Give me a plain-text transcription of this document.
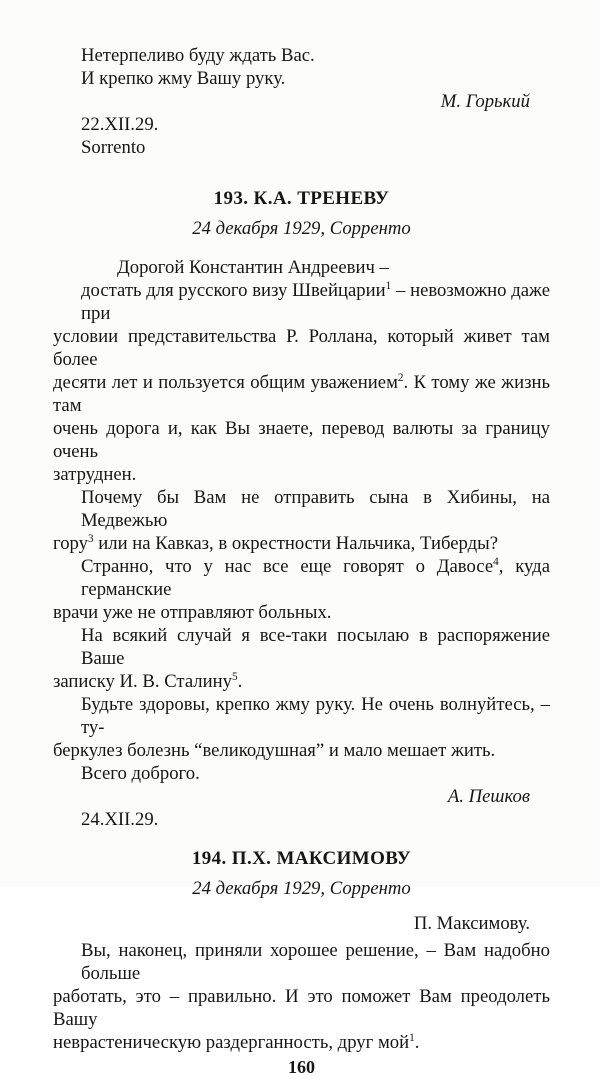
Нетерпеливо буду ждать Вас.

И крепко жму Вашу руку.

М. Горький

22.XII.29.

Sorrento

193. К.А. ТРЕНЕВУ

24 декабря 1929, Сорренто

Дорогой Константин Андреевич –

достать для русского визу Швейцарии$^1$ – невозможно даже при

условии представительства Р. Роллана, который живет там более

десяти лет и пользуется общим уважением$^2$. К тому же жизнь там

очень дорога и, как Вы знаете, перевод валюты за границу очень

затруднен.

Почему бы Вам не отправить сына в Хибины, на Медвежью

гору$^3$ или на Кавказ, в окрестности Нальчика, Тиберды?

Странно, что у нас все еще говорят о Давосе$^4$, куда германские

врачи уже не отправляют больных.

На всякий случай я все-таки посылаю в распоряжение Ваше

записку И. В. Сталину$^5$.

Будьте здоровы, крепко жму руку. Не очень волнуйтесь, – ту-

беркулез болезнь “великодушная” и мало мешает жить.

Всего доброго.

А. Пешков

24.XII.29.

194. П.Х. МАКСИМОВУ

24 декабря 1929, Сорренто

П. Максимову.

Вы, наконец, приняли хорошее решение, – Вам надобно больше

работать, это – правильно. И это поможет Вам преодолеть Вашу

неврастеническую раздерганность, друг мой$^1$.

160
